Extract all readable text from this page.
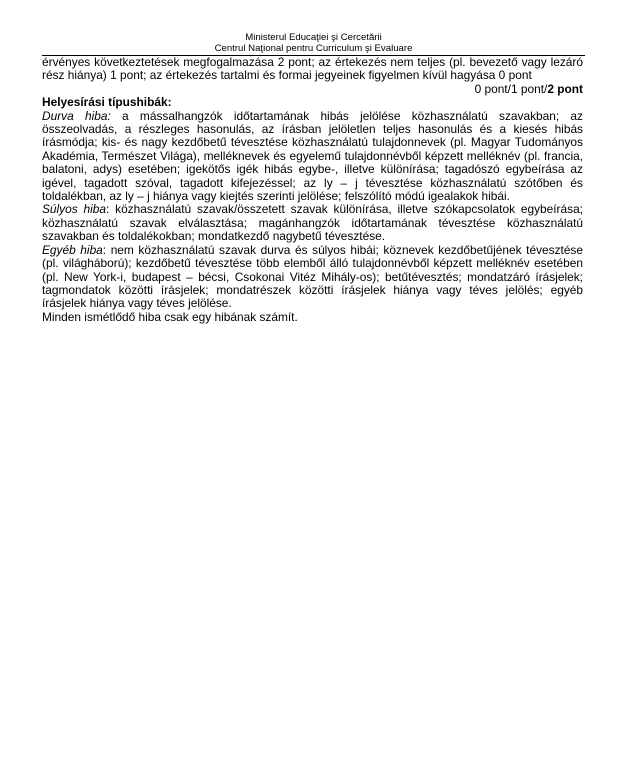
Ministerul Educaţiei şi Cercetării
Centrul Naţional pentru Curriculum şi Evaluare

érvényes következtetések megfogalmazása 2 pont; az értekezés nem teljes (pl. bevezető vagy lezáró rész hiánya) 1 pont; az értekezés tartalmi és formai jegyeinek figyelmen kívül hagyása 0 pont

0 pont/1 pont/2 pont

Helyesírási típushibák:

Durva hiba: a mássalhangzók időtartamának hibás jelölése közhasználatú szavakban; az összeolvadás, a részleges hasonulás, az írásban jelöletlen teljes hasonulás és a kiesés hibás írásmódja; kis- és nagy kezdőbetű tévesztése közhasználatú tulajdonnevek (pl. Magyar Tudományos Akadémia, Természet Világa), melléknevek és egyelemű tulajdonnévből képzett melléknév (pl. francia, balatoni, adys) esetében; igekötős igék hibás egybe-, illetve különírása; tagadószó egybeírása az igével, tagadott szóval, tagadott kifejezéssel; az ly – j tévesztése közhasználatú szótőben és toldalékban, az ly – j hiánya vagy kiejtés szerinti jelölése; felszólító módú igealakok hibái.

Súlyos hiba: közhasználatú szavak/összetett szavak különírása, illetve szókapcsolatok egybeírása; közhasználatú szavak elválasztása; magánhangzók időtartamának tévesztése közhasználatú szavakban és toldalékokban; mondatkezdő nagybetű tévesztése.

Egyéb hiba: nem közhasználatú szavak durva és súlyos hibái; köznevek kezdőbetűjének tévesztése (pl. világháború); kezdőbetű tévesztése több elemből álló tulajdonnévből képzett melléknév esetében (pl. New York-i, budapest – bécsi, Csokonai Vitéz Mihály-os); betűtévesztés; mondatzáró írásjelek; tagmondatok közötti írásjelek; mondatrészek közötti írásjelek hiánya vagy téves jelölés; egyéb írásjelek hiánya vagy téves jelölése.

Minden ismétlődő hiba csak egy hibának számít.
